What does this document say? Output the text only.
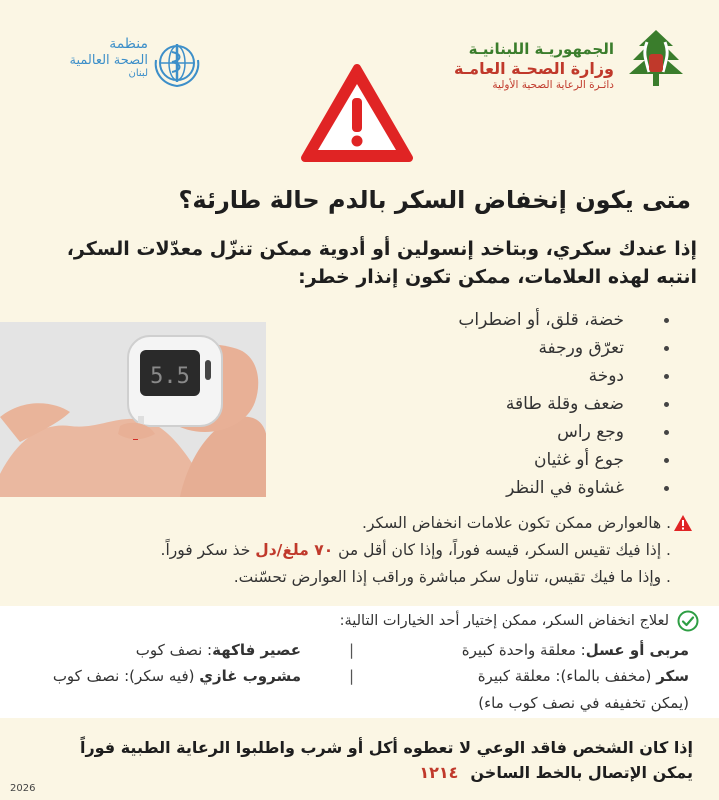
الجمهوريـة اللبنانيـة
وزارة الصحـة العامـة
دائـرة الرعاية الصحية الأولية
منظمة
الصحة العالمية
لبنان
متى يكون إنخفاض السكر بالدم حالة طارئة؟
إذا عندك سكري، وبتاخد إنسولين أو أدوية ممكن تنزّل معدّلات السكر، انتبه لهذه العلامات، ممكن تكون إنذار خطر:
5.5
خضة، قلق، أو اضطراب
تعرّق ورجفة
دوخة
ضعف وقلة طاقة
وجع راس
جوع أو غثيان
غشاوة في النظر
. هالعوارض ممكن تكون علامات انخفاض السكر.
. إذا فيك تقيس السكر، قيسه فوراً، وإذا كان أقل من ٧٠ ملغ/دل خذ سكر فوراً.
. وإذا ما فيك تقيس، تناول سكر مباشرة وراقب إذا العوارض تحسّنت.
لعلاج انخفاض السكر، ممكن إختيار أحد الخيارات التالية:
مربى أو عسل: معلقة واحدة كبيرة
سكر (مخفف بالماء): معلقة كبيرة
(يمكن تخفيفه في نصف كوب ماء)
|
|
عصير فاكهة: نصف كوب
مشروب غازي (فيه سكر): نصف كوب
إذا كان الشخص فاقد الوعي لا تعطوه أكل أو شرب واطلبوا الرعاية الطبية فوراً
يمكن الإتصال بالخط الساخن١٢١٤
2026
